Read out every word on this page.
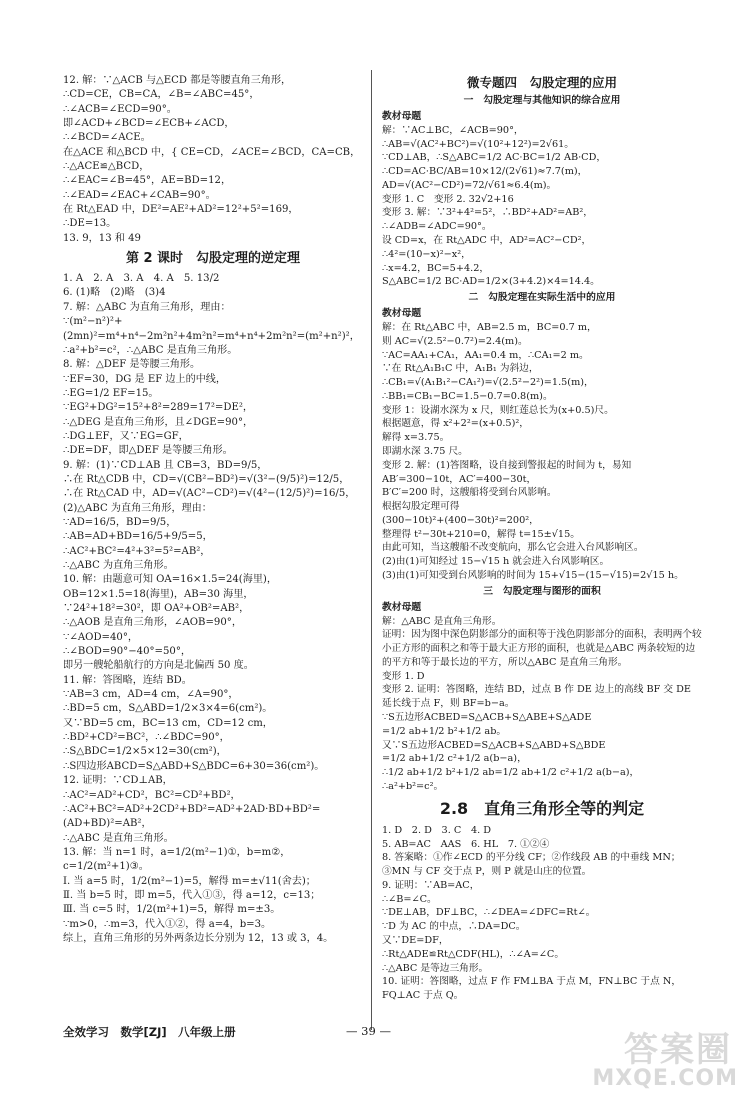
12. 解：∵△ACB 与△ECD 都是等腰直角三角形，
∴CD=CE，CB=CA，∠B=∠ABC=45°，
∴∠ACB=∠ECD=90°。
即∠ACD+∠BCD=∠ECB+∠ACD，
∴∠BCD=∠ACE。
在△ACE 和△BCD 中，{ CE=CD，∠ACE=∠BCD，CA=CB，
∴△ACE≌△BCD，
∴∠EAC=∠B=45°，AE=BD=12，
∴∠EAD=∠EAC+∠CAB=90°。
在 Rt△EAD 中，DE²=AE²+AD²=12²+5²=169，
∴DE=13。
13. 9，13 和 49
第 2 课时　勾股定理的逆定理
1. A　2. A　3. A　4. A　5. 13/2
6. (1)略　(2)略　(3)4
7. 解：△ABC 为直角三角形，理由：
∵(m²−n²)²+(2mn)²=m⁴+n⁴−2m²n²+4m²n²=m⁴+n⁴+2m²n²=(m²+n²)²，
∴a²+b²=c²，∴△ABC 是直角三角形。
8. 解：△DEF 是等腰三角形。
∵EF=30，DG 是 EF 边上的中线，
∴EG=1/2 EF=15。
∵EG²+DG²=15²+8²=289=17²=DE²，
∴△DEG 是直角三角形，且∠DGE=90°，
∴DG⊥EF，又∵EG=GF，
∴DE=DF，即△DEF 是等腰三角形。
9. 解：(1)∵CD⊥AB 且 CB=3，BD=9/5，
∴在 Rt△CDB 中，CD=√(CB²−BD²)=√(3²−(9/5)²)=12/5，
∴在 Rt△CAD 中，AD=√(AC²−CD²)=√(4²−(12/5)²)=16/5，
(2)△ABC 为直角三角形，理由：
∵AD=16/5，BD=9/5，
∴AB=AD+BD=16/5+9/5=5，
∴AC²+BC²=4²+3²=5²=AB²，
∴△ABC 为直角三角形。
10. 解：由题意可知 OA=16×1.5=24(海里)，
OB=12×1.5=18(海里)，AB=30 海里，
∵24²+18²=30²，即 OA²+OB²=AB²，
∴△AOB 是直角三角形，∠AOB=90°，
∵∠AOD=40°，
∴∠BOD=90°−40°=50°，
即另一艘轮船航行的方向是北偏西 50 度。
11. 解：答图略，连结 BD。
∵AB=3 cm，AD=4 cm，∠A=90°，
∴BD=5 cm，S△ABD=1/2×3×4=6(cm²)。
又∵BD=5 cm，BC=13 cm，CD=12 cm，
∴BD²+CD²=BC²，∴∠BDC=90°，
∴S△BDC=1/2×5×12=30(cm²)，
∴S四边形ABCD=S△ABD+S△BDC=6+30=36(cm²)。
12. 证明：∵CD⊥AB，
∴AC²=AD²+CD²，BC²=CD²+BD²，
∴AC²+BC²=AD²+2CD²+BD²=AD²+2AD·BD+BD²=(AD+BD)²=AB²，
∴△ABC 是直角三角形。
13. 解：当 n=1 时，a=1/2(m²−1)①，b=m②，c=1/2(m²+1)③。
Ⅰ. 当 a=5 时，1/2(m²−1)=5，解得 m=±√11(舍去)；
Ⅱ. 当 b=5 时，即 m=5，代入①③，得 a=12，c=13；
Ⅲ. 当 c=5 时，1/2(m²+1)=5，解得 m=±3。
∵m>0，∴m=3，代入①②，得 a=4，b=3。
综上，直角三角形的另外两条边长分别为 12，13 或 3，4。
微专题四　勾股定理的应用
一　勾股定理与其他知识的综合应用
教材母题
解：∵AC⊥BC，∠ACB=90°，
∴AB=√(AC²+BC²)=√(10²+12²)=2√61。
∵CD⊥AB，∴S△ABC=1/2 AC·BC=1/2 AB·CD，
∴CD=AC·BC/AB=10×12/(2√61)≈7.7(m)，
AD=√(AC²−CD²)=72/√61≈6.4(m)。
变形 1. C　变形 2. 32√2+16
变形 3. 解：∵3²+4²=5²，∴BD²+AD²=AB²，
∴∠ADB=∠ADC=90°。
设 CD=x，在 Rt△ADC 中，AD²=AC²−CD²，
∴4²=(10−x)²−x²，
∴x=4.2，BC=5+4.2，
S△ABC=1/2 BC·AD=1/2×(3+4.2)×4=14.4。
二　勾股定理在实际生活中的应用
教材母题
解：在 Rt△ABC 中，AB=2.5 m，BC=0.7 m，
则 AC=√(2.5²−0.7²)=2.4(m)。
∵AC=AA₁+CA₁，AA₁=0.4 m，∴CA₁=2 m。
∵在 Rt△A₁B₁C 中，A₁B₁ 为斜边，
∴CB₁=√(A₁B₁²−CA₁²)=√(2.5²−2²)=1.5(m)，
∴BB₁=CB₁−BC=1.5−0.7=0.8(m)。
变形 1：设湖水深为 x 尺，则红莲总长为(x+0.5)尺。
根据题意，得 x²+2²=(x+0.5)²，
解得 x=3.75。
即湖水深 3.75 尺。
变形 2. 解：(1)答图略，设自接到警报起的时间为 t，易知 AB′=300−10t，AC′=400−30t，
B′C′=200 时，这艘船将受到台风影响。
根据勾股定理可得
(300−10t)²+(400−30t)²=200²，
整理得 t²−30t+210=0，解得 t=15±√15。
由此可知，当这艘船不改变航向，那么它会进入台风影响区。
(2)由(1)可知经过 15−√15 h 就会进入台风影响区。
(3)由(1)可知受到台风影响的时间为 15+√15−(15−√15)=2√15 h。
三　勾股定理与图形的面积
教材母题
解：△ABC 是直角三角形。
证明：因为图中深色阴影部分的面积等于浅色阴影部分的面积，表明两个较小正方形的面积之和等于最大正方形的面积，也就是△ABC 两条较短的边的平方和等于最长边的平方，所以△ABC 是直角三角形。
变形 1. D
变形 2. 证明：答图略，连结 BD，过点 B 作 DE 边上的高线 BF 交 DE 延长线于点 F，则 BF=b−a。
∵S五边形ACBED=S△ACB+S△ABE+S△ADE
=1/2 ab+1/2 b²+1/2 ab。
又∵S五边形ACBED=S△ACB+S△ABD+S△BDE
=1/2 ab+1/2 c²+1/2 a(b−a)，
∴1/2 ab+1/2 b²+1/2 ab=1/2 ab+1/2 c²+1/2 a(b−a)，
∴a²+b²=c²。
2.8　直角三角形全等的判定
1. D　2. D　3. C　4. D
5. AB=AC　AAS　6. HL　7. ①②④
8. 答案略：①作∠ECD 的平分线 CF；②作线段 AB 的中垂线 MN；③MN 与 CF 交于点 P，则 P 就是山庄的位置。
9. 证明：∵AB=AC，
∴∠B=∠C。
∵DE⊥AB，DF⊥BC，∴∠DEA=∠DFC=Rt∠。
∵D 为 AC 的中点，∴DA=DC。
又∵DE=DF，
∴Rt△ADE≌Rt△CDF(HL)，∴∠A=∠C。
∴△ABC 是等边三角形。
10. 证明：答图略，过点 F 作 FM⊥BA 于点 M，FN⊥BC 于点 N，FQ⊥AC 于点 Q。
全效学习　数学[ZJ]　八年级上册	— 39 —	答案圈
MXQE.COM
